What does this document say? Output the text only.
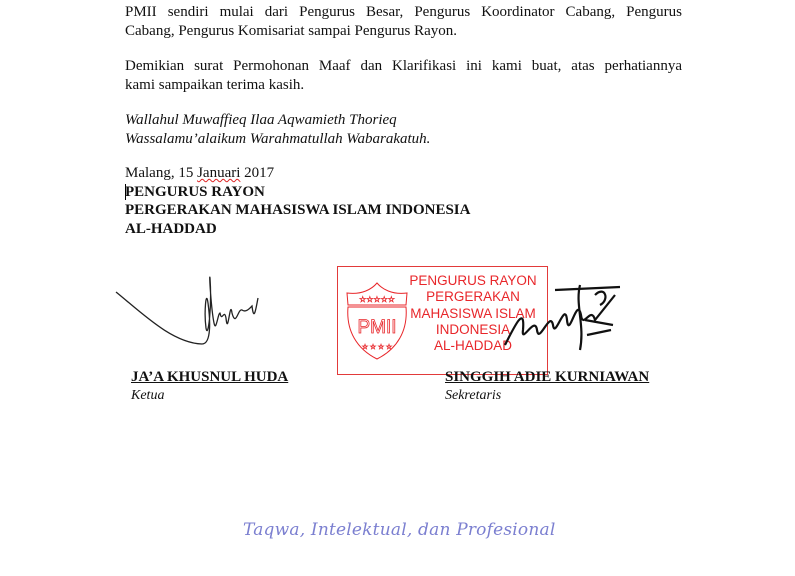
PMII sendiri mulai dari Pengurus Besar, Pengurus Koordinator Cabang, Pengurus
Cabang, Pengurus Komisariat sampai Pengurus Rayon.
Demikian surat Permohonan Maaf dan Klarifikasi ini kami buat, atas perhatiannya
kami sampaikan terima kasih.
Wallahul Muwaffieq Ilaa Aqwamieth Thorieq
Wassalamu’alaikum Warahmatullah Wabarakatuh.
Malang, 15 Januari 2017
PENGURUS RAYON
PERGERAKAN MAHASISWA ISLAM INDONESIA
AL-HADDAD
☆☆☆☆☆
PMII
☆ ☆ ☆ ☆
PENGURUS RAYON
PERGERAKAN
MAHASISWA ISLAM
INDONESIA
AL-HADDAD
JA’A KHUSNUL HUDA
Ketua
SINGGIH ADIE KURNIAWAN
Sekretaris
Taqwa, Intelektual, dan Profesional
